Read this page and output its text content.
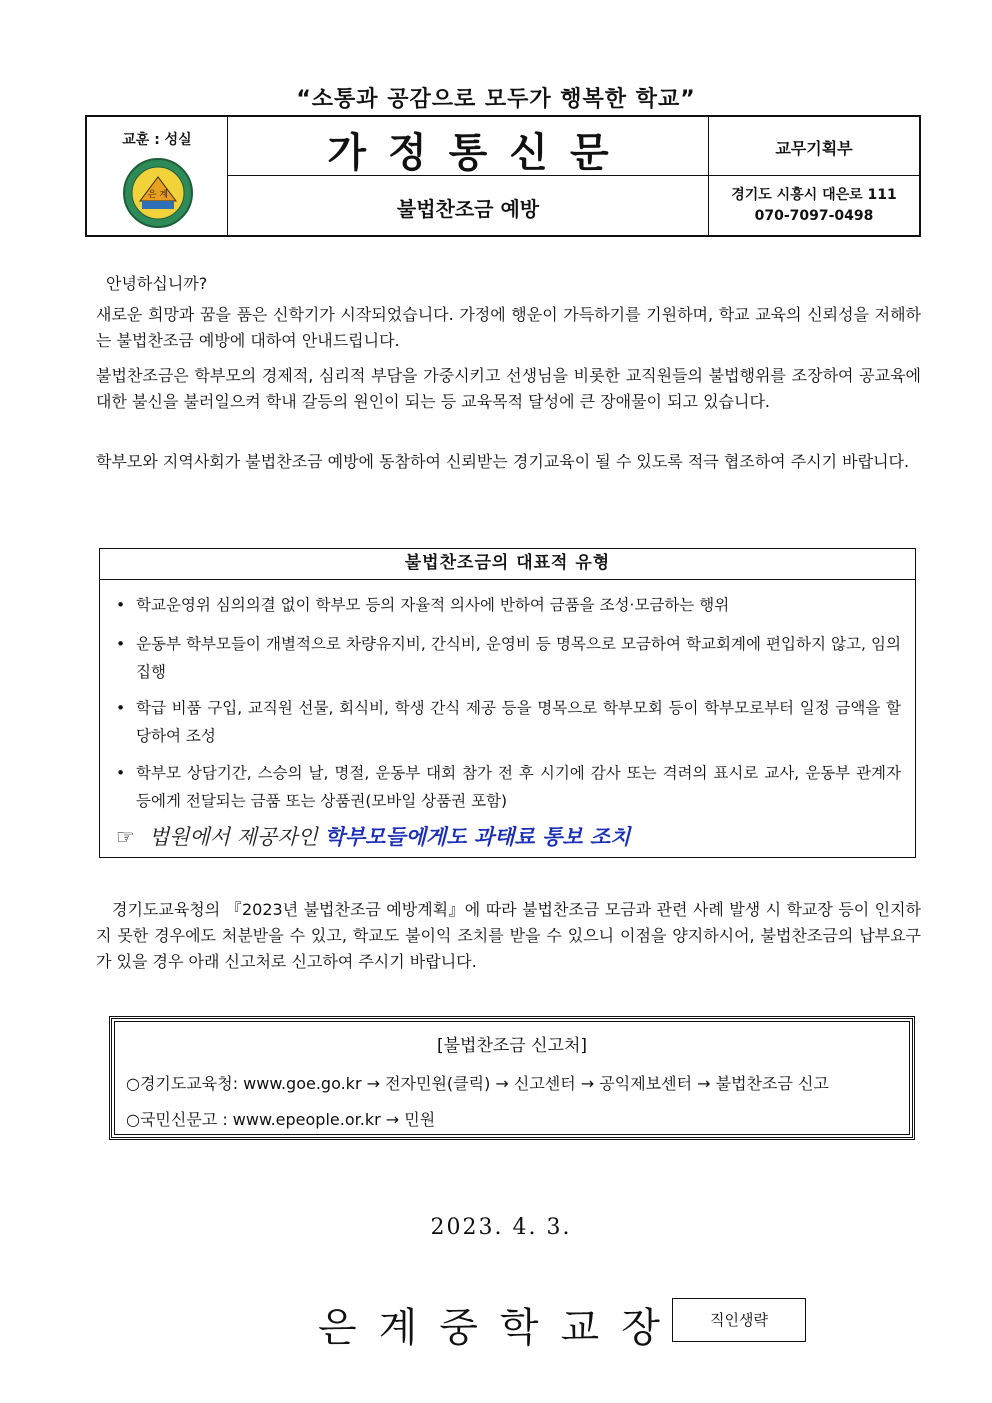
“소통과 공감으로 모두가 행복한 학교”
교훈 : 성실
은 계
가정통신문	교무기획부
불법찬조금 예방
경기도 시흥시 대은로 111
070-7097-0498
안녕하십니까?
새로운 희망과 꿈을 품은 신학기가 시작되었습니다. 가정에 행운이 가득하기를 기원하며, 학교 교육의 신뢰성을 저해하는 불법찬조금 예방에 대하여 안내드립니다.
불법찬조금은 학부모의 경제적, 심리적 부담을 가중시키고 선생님을 비롯한 교직원들의 불법행위를 조장하여 공교육에 대한 불신을 불러일으켜 학내 갈등의 원인이 되는 등 교육목적 달성에 큰 장애물이 되고 있습니다.
학부모와 지역사회가 불법찬조금 예방에 동참하여 신뢰받는 경기교육이 될 수 있도록 적극 협조하여 주시기 바랍니다.
불법찬조금의 대표적 유형
• 학교운영위 심의의결 없이 학부모 등의 자율적 의사에 반하여 금품을 조성·모금하는 행위
• 운동부 학부모들이 개별적으로 차량유지비, 간식비, 운영비 등 명목으로 모금하여 학교회계에 편입하지 않고, 임의 집행
• 학급 비품 구입, 교직원 선물, 회식비, 학생 간식 제공 등을 명목으로 학부모회 등이 학부모로부터 일정 금액을 할당하여 조성
• 학부모 상담기간, 스승의 날, 명절, 운동부 대회 참가 전 후 시기에 감사 또는 격려의 표시로 교사, 운동부 관계자 등에게 전달되는 금품 또는 상품권(모바일 상품권 포함)
☞ 법원에서 제공자인 학부모들에게도 과태료 통보 조치
경기도교육청의 『2023년 불법찬조금 예방계획』에 따라 불법찬조금 모금과 관련 사례 발생 시 학교장 등이 인지하지 못한 경우에도 처분받을 수 있고, 학교도 불이익 조치를 받을 수 있으니 이점을 양지하시어, 불법찬조금의 납부요구가 있을 경우 아래 신고처로 신고하여 주시기 바랍니다.
[불법찬조금 신고처]
○경기도교육청: www.goe.go.kr → 전자민원(클릭) → 신고센터 → 공익제보센터 → 불법찬조금 신고
○국민신문고 : www.epeople.or.kr → 민원
2023. 4. 3.
은계중학교장	직인생략
